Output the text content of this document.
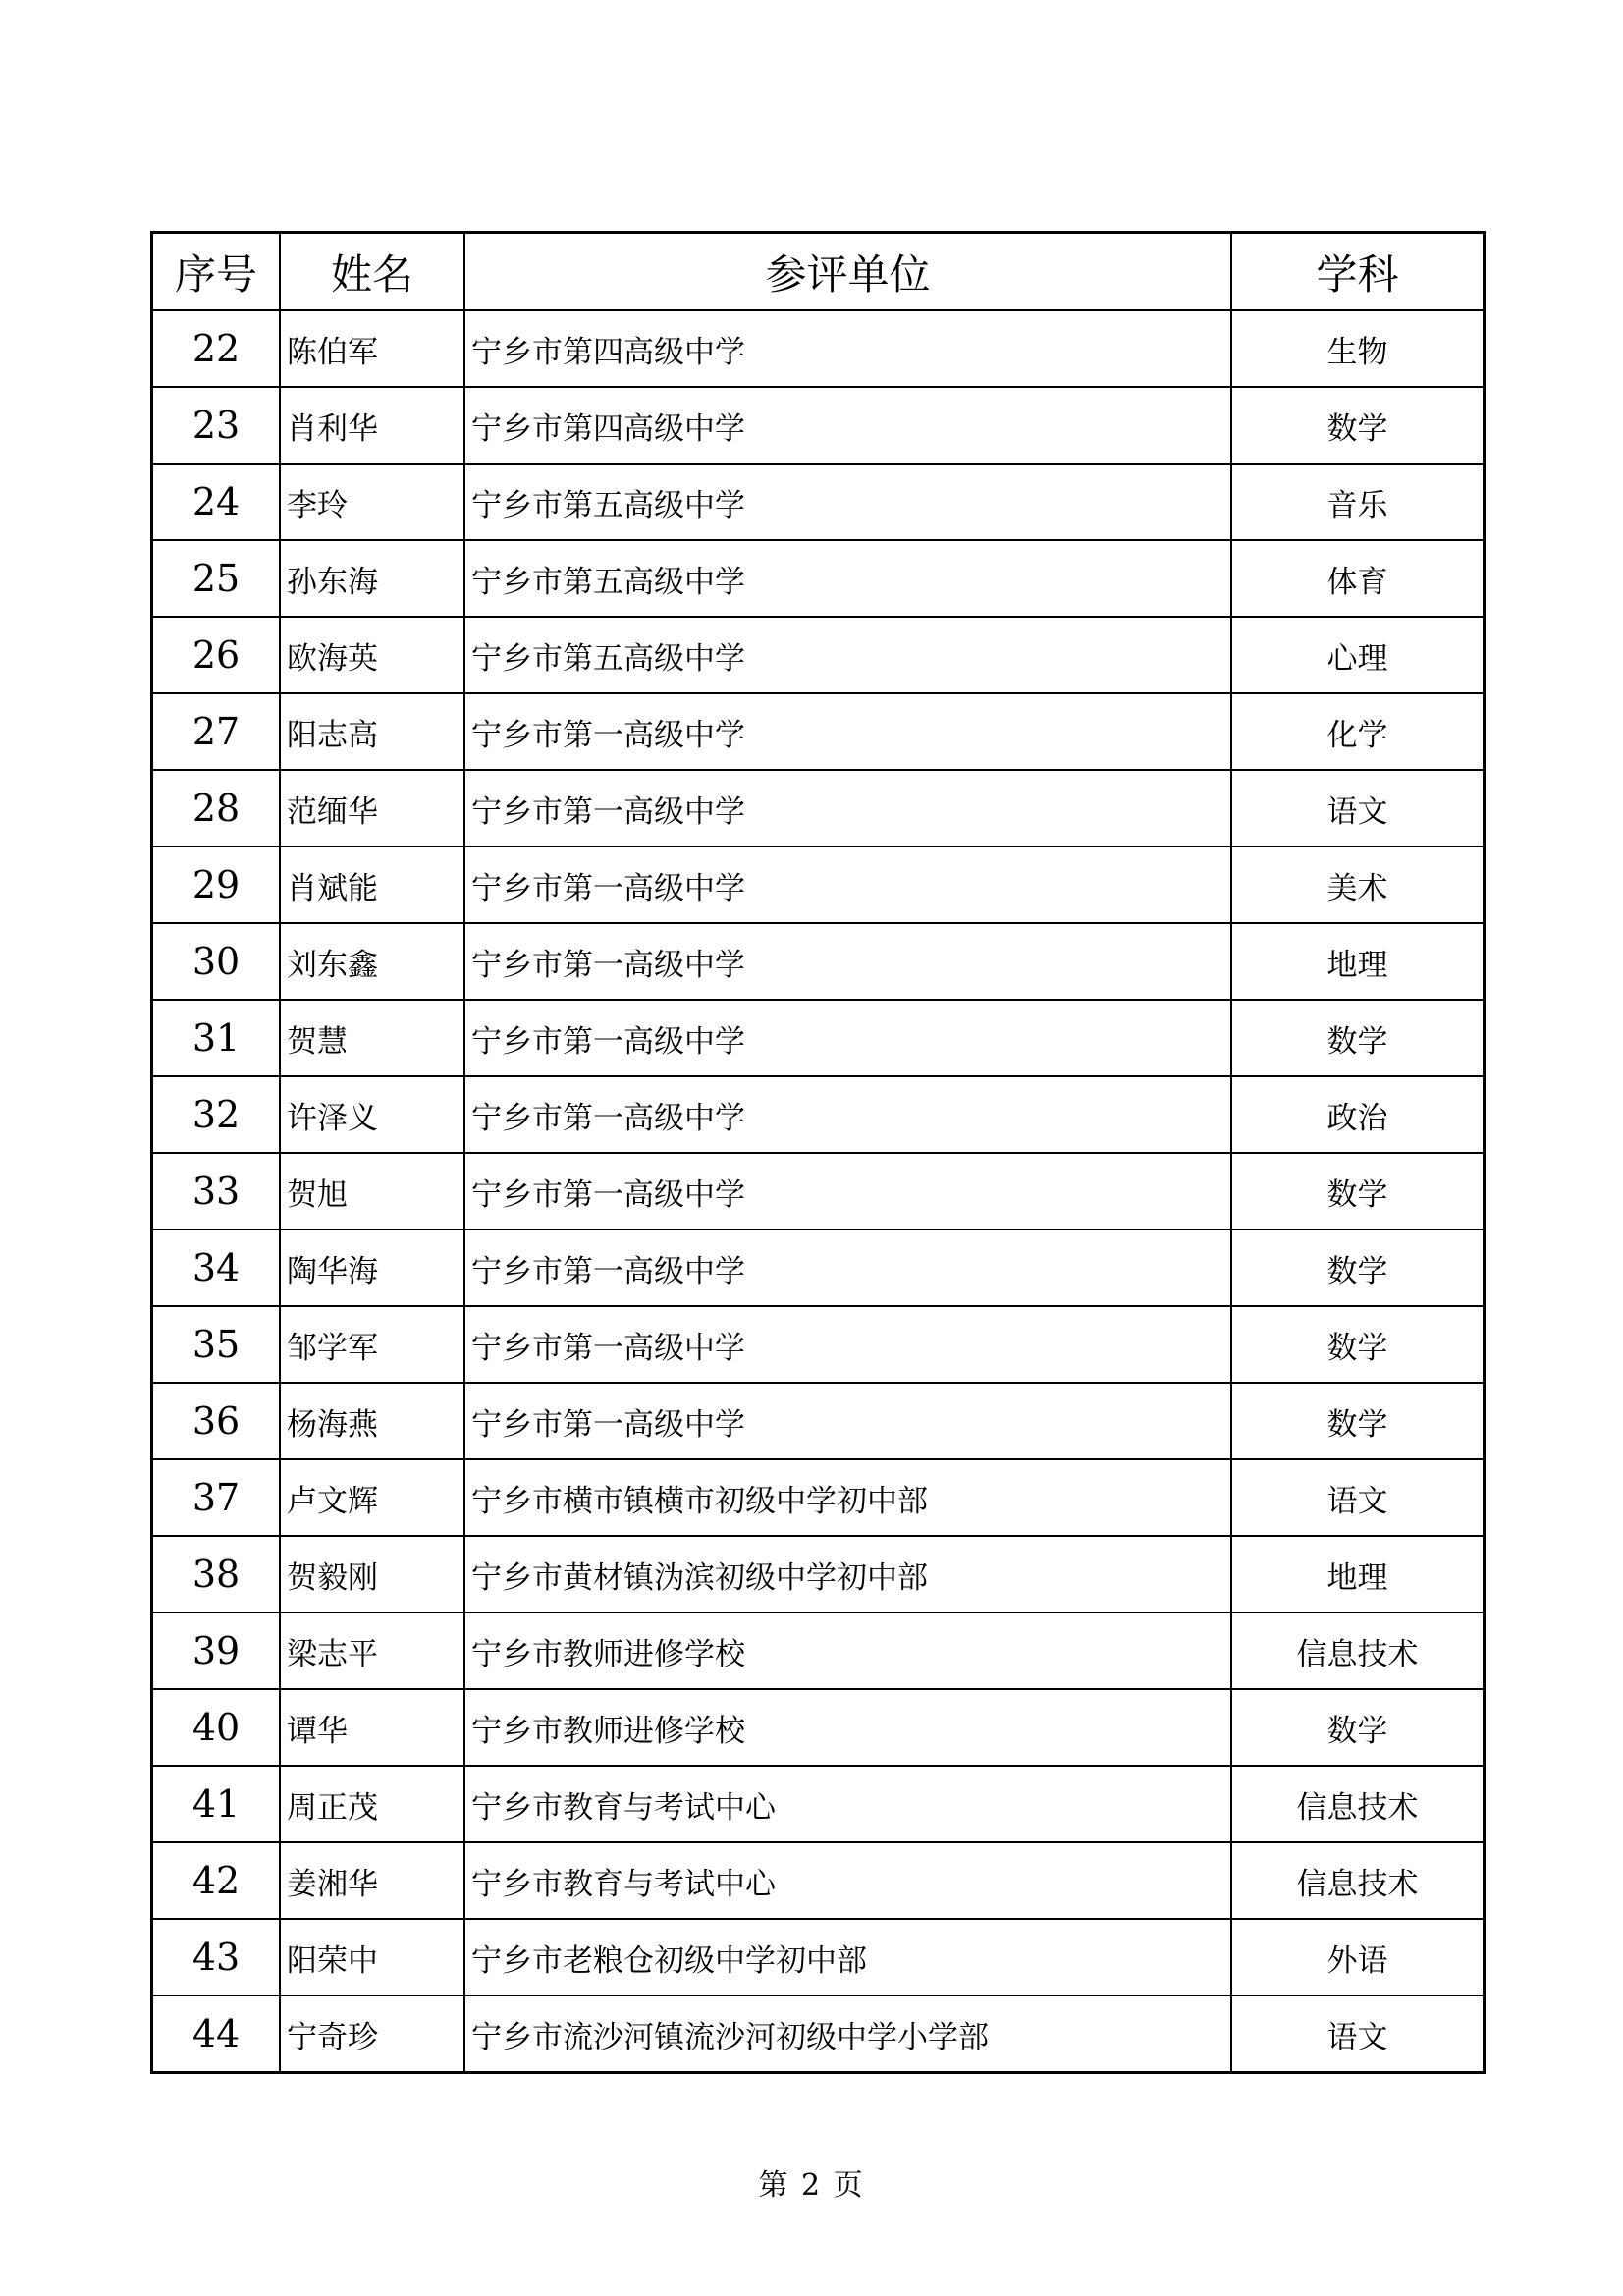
序号	姓名	参评单位	学科
22	陈伯军	宁乡市第四高级中学	生物
23	肖利华	宁乡市第四高级中学	数学
24	李玲	宁乡市第五高级中学	音乐
25	孙东海	宁乡市第五高级中学	体育
26	欧海英	宁乡市第五高级中学	心理
27	阳志高	宁乡市第一高级中学	化学
28	范缅华	宁乡市第一高级中学	语文
29	肖斌能	宁乡市第一高级中学	美术
30	刘东鑫	宁乡市第一高级中学	地理
31	贺慧	宁乡市第一高级中学	数学
32	许泽义	宁乡市第一高级中学	政治
33	贺旭	宁乡市第一高级中学	数学
34	陶华海	宁乡市第一高级中学	数学
35	邹学军	宁乡市第一高级中学	数学
36	杨海燕	宁乡市第一高级中学	数学
37	卢文辉	宁乡市横市镇横市初级中学初中部	语文
38	贺毅刚	宁乡市黄材镇沩滨初级中学初中部	地理
39	梁志平	宁乡市教师进修学校	信息技术
40	谭华	宁乡市教师进修学校	数学
41	周正茂	宁乡市教育与考试中心	信息技术
42	姜湘华	宁乡市教育与考试中心	信息技术
43	阳荣中	宁乡市老粮仓初级中学初中部	外语
44	宁奇珍	宁乡市流沙河镇流沙河初级中学小学部	语文
第 2 页
